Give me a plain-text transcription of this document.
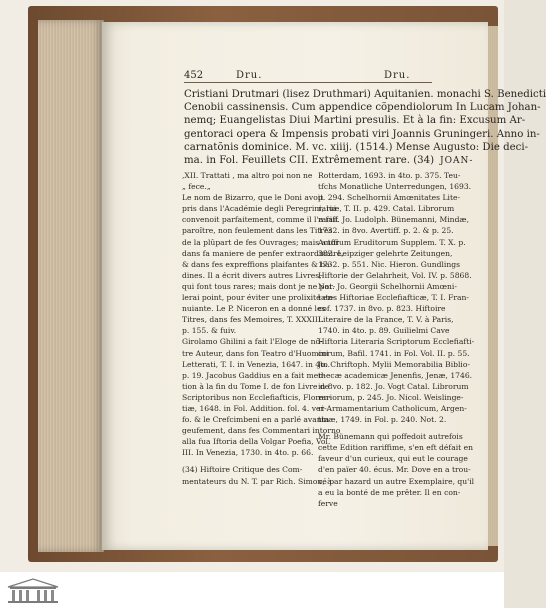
452	Dru.	Dru.
Cristiani Drutmari (lisez Druthmari) Aquitanien. monachi S. Benedicti
Cenobii cassinensis. Cum appendice cõpendiolorum In Lucam Johan-
nemq; Euangelistas Diui Martini presulis. Et à la fin: Excusum Ar-
gentoraci opera & Impensis probati viri Joannis Gruningeri. Anno in-
carnatõnis dominice. M. vc. xiiij. (1514.) Mense Augusto: Die deci-
ma. in Fol. Feuillets CII. Extrêmement rare. (34) JOAN-
,XII. Trattati , ma altro poi non ne
„ fece.„
Le nom de Bizarro, que le Doni avoit
pris dans l'Académie degli Peregrini, lui
convenoit parfaitement, comme il l'a fait
paroître, non feulement dans les Titres
de la plûpart de fes Ouvrages; mais auffi
dans fa maniere de penfer extraordinaire,
& dans fes expreffions plaifantes & ba-
dines. Il a écrit divers autres Livres,
qui font tous rares; mais dont je ne par-
lerai point, pour éviter une prolixité en-
nuiante. Le P. Niceron en a donné les
Titres, dans fes Memoires, T. XXXIII.
p. 155. & fuiv.
Girolamo Ghilini a fait l'Eloge de nô-
tre Auteur, dans fon Teatro d'Huomini
Letterati, T. I. in Venezia, 1647. in 4to.
p. 19. Jacobus Gaddius en a fait men-
tion à la fin du Tome I. de fon Livre de
Scriptoribus non Ecclefiafticis, Floren-
tiæ, 1648. in Fol. Addition. fol. 4. ver-
fo. & le Crefcimbeni en a parlé avanta
geufement, dans fes Commentari intorno
alla fua Iftoria della Volgar Poefia, Vol.
III. In Venezia, 1730. in 4to. p. 66.
(34) Hiftoire Critique des Com-
mentateurs du N. T. par Rich. Simon, à
Rotterdam, 1693. in 4to. p. 375. Teu-
tfchs Monatliche Unterredungen, 1693.
p. 294. Schelhornii Amœnitates Lite-
rariæ, T. II. p. 429. Catal. Librorum
rariff. Jo. Ludolph. Bünemanni, Mindæ,
1732. in 8vo. Avertiff. p. 2. & p. 25.
Actorum Eruditorum Supplem. T. X. p.
382. Leipziger gelehrte Zeitungen,
1732. p. 551. Nic. Hieron. Gundlings
Hiftorie der Gelahrheit, Vol. IV. p. 5868.
Not. Jo. Georgii Schelhornii Amœni-
tates Hiftoriae Ecclefiafticæ, T. I. Fran-
cof. 1737. in 8vo. p. 823. Hiftoire
Literaire de la France, T. V. à Paris,
1740. in 4to. p. 89. Guilielmi Cave
Hiftoria Literaria Scriptorum Ecclefiafti-
corum, Bafil. 1741. in Fol. Vol. II. p. 55.
Jo. Chriftoph. Mylii Memorabilia Biblio-
thecæ academicæ Jenenfis, Jenæ, 1746.
in 8vo. p. 182. Jo. Vogt Catal. Librorum
rariorum, p. 245. Jo. Nicol. Weislinge-
ri Armamentarium Catholicum, Argen-
tinæ, 1749. in Fol. p. 240. Not. 2.
Mr. Bünemann qui poffedoit autrefois
cette Edition rariffime, s'en eft défait en
faveur d'un curieux, qui eut le courage
d'en païer 40. écus. Mr. Dove en a trou-
vé par hazard un autre Exemplaire, qu'il
a eu la bonté de me prêter. Il en con-
ferve
